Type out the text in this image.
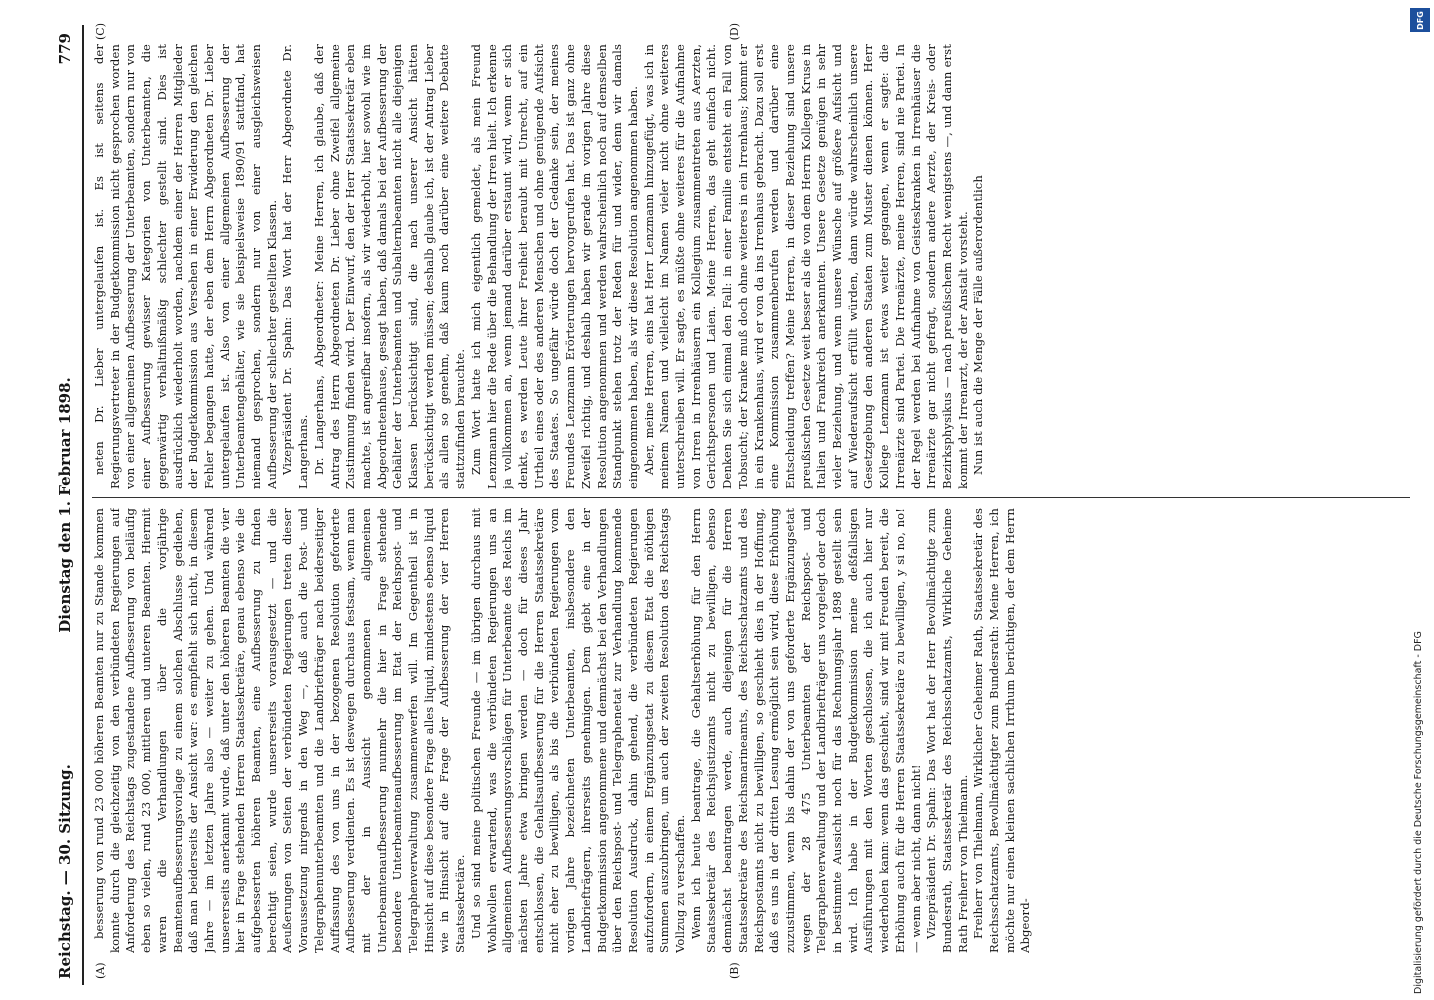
Reichstag. — 30. Sitzung.
Dienstag den 1. Februar 1898.
779
(A)	(B)
(C)	(D)

besserung von rund 23 000 höheren Beamten nur zu Stande kommen konnte durch die gleichzeitig von den verbündeten Regierungen auf Anforderung des Reichstags zugestandene Aufbesserung von beiläufig eben so vielen, rund 23 000, mittleren und unteren Beamten. Hiermit waren die Verhandlungen über die vorjährige Beamtenaufbesserungsvorlage zu einem solchen Abschlusse gediehen, daß man beiderseits der Ansicht war: es empfiehlt sich nicht, in diesem Jahre — im letzten Jahre also — weiter zu gehen. Und während unsererseits anerkannt wurde, daß unter den höheren Beamten die vier hier in Frage stehenden Herren Staatssekretäre, genau ebenso wie die aufgebesserten höheren Beamten, eine Aufbesserung zu finden berechtigt seien, wurde unsererseits vorausgesetzt — und die Aeußerungen von Seiten der verbündeten Regierungen treten dieser Voraussetzung nirgends in den Weg —, daß auch die Post- und Telegraphenunterbeamten und die Landbriefträger nach beiderseitiger Auffassung des von uns in der bezogenen Resolution geforderte Aufbesserung verdienten. Es ist deswegen durchaus festsam, wenn man mit der in Aussicht genommenen allgemeinen Unterbeamtenaufbesserung nunmehr die hier in Frage stehende besondere Unterbeamtenaufbesserung im Etat der Reichspost- und Telegraphenverwaltung zusammenwerfen will. Im Gegentheil ist in Hinsicht auf diese besondere Frage alles liquid, mindestens ebenso liquid wie in Hinsicht auf die Frage der Aufbesserung der vier Herren Staatssekretäre. Und so sind meine politischen Freunde — im übrigen durchaus mit Wohlwollen erwartend, was die verbündeten Regierungen uns an allgemeinen Aufbesserungsvorschlägen für Unterbeamte des Reichs im nächsten Jahre etwa bringen werden — doch für dieses Jahr entschlossen, die Gehaltsaufbesserung für die Herren Staatssekretäre nicht eher zu bewilligen, als bis die verbündeten Regierungen vom vorigen Jahre bezeichneten Unterbeamten, insbesondere den Landbriefträgern, ihrerseits genehmigen. Dem giebt eine in der Budgetkommission angenommene und demnächst bei den Verhandlungen über den Reichspost- und Telegraphenetat zur Verhandlung kommende Resolution Ausdruck, dahin gehend, die verbündeten Regierungen aufzufordern, in einem Ergänzungsetat zu diesem Etat die nöthigen Summen auszubringen, um auch der zweiten Resolution des Reichstags Vollzug zu verschaffen. Wenn ich heute beantrage, die Gehaltserhöhung für den Herrn Staatssekretär des Reichsjustizamts nicht zu bewilligen, ebenso demnächst beantragen werde, auch diejenigen für die Herren Staatssekretäre des Reichsmarineamts, des Reichsschatzamts und des Reichspostamts nicht zu bewilligen, so geschieht dies in der Hoffnung, daß es uns in der dritten Lesung ermöglicht sein wird, diese Erhöhung zuzustimmen, wenn bis dahin der von uns geforderte Ergänzungsetat wegen der 28 475 Unterbeamten der Reichspost- und Telegraphenverwaltung und der Landbriefträger uns vorgelegt oder doch in bestimmte Aussicht noch für das Rechnungsjahr 1898 gestellt sein wird. Ich habe in der Budgetkommission meine deßfallsigen Ausführungen mit den Worten geschlossen, die ich auch hier nur wiederholen kann: wenn das geschieht, sind wir mit Freuden bereit, die Erhöhung auch für die Herren Staatssekretäre zu bewilligen, y si no, no! — wenn aber nicht, dann nicht! Vizepräsident Dr. Spahn: Das Wort hat der Herr Bevollmächtigte zum Bundesrath, Staatssekretär des Reichsschatzamts, Wirkliche Geheime Rath Freiherr von Thielmann. Freiherr von Thielmann, Wirklicher Geheimer Rath, Staatssekretär des Reichsschatzamts, Bevollmächtigter zum Bundesrath: Meine Herren, ich möchte nur einen kleinen sachlichen Irrthum berichtigen, der dem Herrn Abgeord-

neten Dr. Lieber untergelaufen ist. Es ist seitens der Regierungsvertreter in der Budgetkommission nicht gesprochen worden von einer allgemeinen Aufbesserung der Unterbeamten, sondern nur von einer Aufbesserung gewisser Kategorien von Unterbeamten, die gegenwärtig verhältnißmäßig schlechter gestellt sind. Dies ist ausdrücklich wiederholt worden, nachdem einer der Herren Mitglieder der Budgetkommission aus Versehen in einer Erwiderung den gleichen Fehler begangen hatte, der eben dem Herrn Abgeordneten Dr. Lieber untergelaufen ist. Also von einer allgemeinen Aufbesserung der Unterbeamtengehälter, wie sie beispielsweise 1890/91 stattfand, hat niemand gesprochen, sondern nur von einer ausgleichsweisen Aufbesserung der schlechter gestellten Klassen. Vizepräsident Dr. Spahn: Das Wort hat der Herr Abgeordnete Dr. Langerhans. Dr. Langerhans, Abgeordneter: Meine Herren, ich glaube, daß der Antrag des Herrn Abgeordneten Dr. Lieber ohne Zweifel allgemeine Zustimmung finden wird. Der Einwurf, den der Herr Staatssekretär eben machte, ist angreifbar insofern, als wir wiederholt, hier sowohl wie im Abgeordnetenhause, gesagt haben, daß damals bei der Aufbesserung der Gehälter der Unterbeamten und Subalternbeamten nicht alle diejenigen Klassen berücksichtigt sind, die nach unserer Ansicht hätten berücksichtigt werden müssen; deshalb glaube ich, ist der Antrag Lieber als allen so genehm, daß kaum noch darüber eine weitere Debatte stattzufinden brauchte. Zum Wort hatte ich mich eigentlich gemeldet, als mein Freund Lenzmann hier die Rede über die Behandlung der Irren hielt. Ich erkenne ja vollkommen an, wenn jemand darüber erstaunt wird, wenn er sich denkt, es werden Leute ihrer Freiheit beraubt mit Unrecht, auf ein Urtheil eines oder des anderen Menschen und ohne genügende Aufsicht des Staates. So ungefähr würde doch der Gedanke sein, der meines Freundes Lenzmann Erörterungen hervorgerufen hat. Das ist ganz ohne Zweifel richtig, und deshalb haben wir gerade im vorigen Jahre diese Resolution angenommen und werden wahrscheinlich noch auf demselben Standpunkt stehen trotz der Reden für und wider, denn wir damals eingenommen haben, als wir diese Resolution angenommen haben. Aber, meine Herren, eins hat Herr Lenzmann hinzugefügt, was ich in meinem Namen und vielleicht im Namen vieler nicht ohne weiteres unterschreiben will. Er sagte, es müßte ohne weiteres für die Aufnahme von Irren in Irrenhäusern ein Kollegium zusammentreten aus Aerzten, Gerichtspersonen und Laien. Meine Herren, das geht einfach nicht. Denken Sie sich einmal den Fall: in einer Familie entsteht ein Fall von Tobsucht; der Kranke muß doch ohne weiteres in ein Irrenhaus; kommt er in ein Krankenhaus, wird er von da ins Irrenhaus gebracht. Dazu soll erst eine Kommission zusammenberufen werden und darüber eine Entscheidung treffen? Meine Herren, in dieser Beziehung sind unsere preußischen Gesetze weit besser als die von dem Herrn Kollegen Kruse in Italien und Frankreich anerkannten. Unsere Gesetze genügen in sehr vieler Beziehung, und wenn unsere Wünsche auf größere Aufsicht und auf Wiederaufsicht erfüllt würden, dann würde wahrscheinlich unsere Gesetzgebung den anderen Staaten zum Muster dienen können. Herr Kollege Lenzmann ist etwas weiter gegangen, wenn er sagte: die Irrenärzte sind Partei. Die Irrenärzte, meine Herren, sind nie Partei. In der Regel werden bei Aufnahme von Geisteskranken in Irrenhäuser die Irrenärzte gar nicht gefragt, sondern andere Aerzte, der Kreis- oder Bezirksphysikus — nach preußischem Recht wenigstens —, und dann erst kommt der Irrenarzt, der der Anstalt vorsteht. Nun ist auch die Menge der Fälle außerordentlich

Digitalisierung gefördert durch die Deutsche Forschungsgemeinschaft - DFG
DFG
